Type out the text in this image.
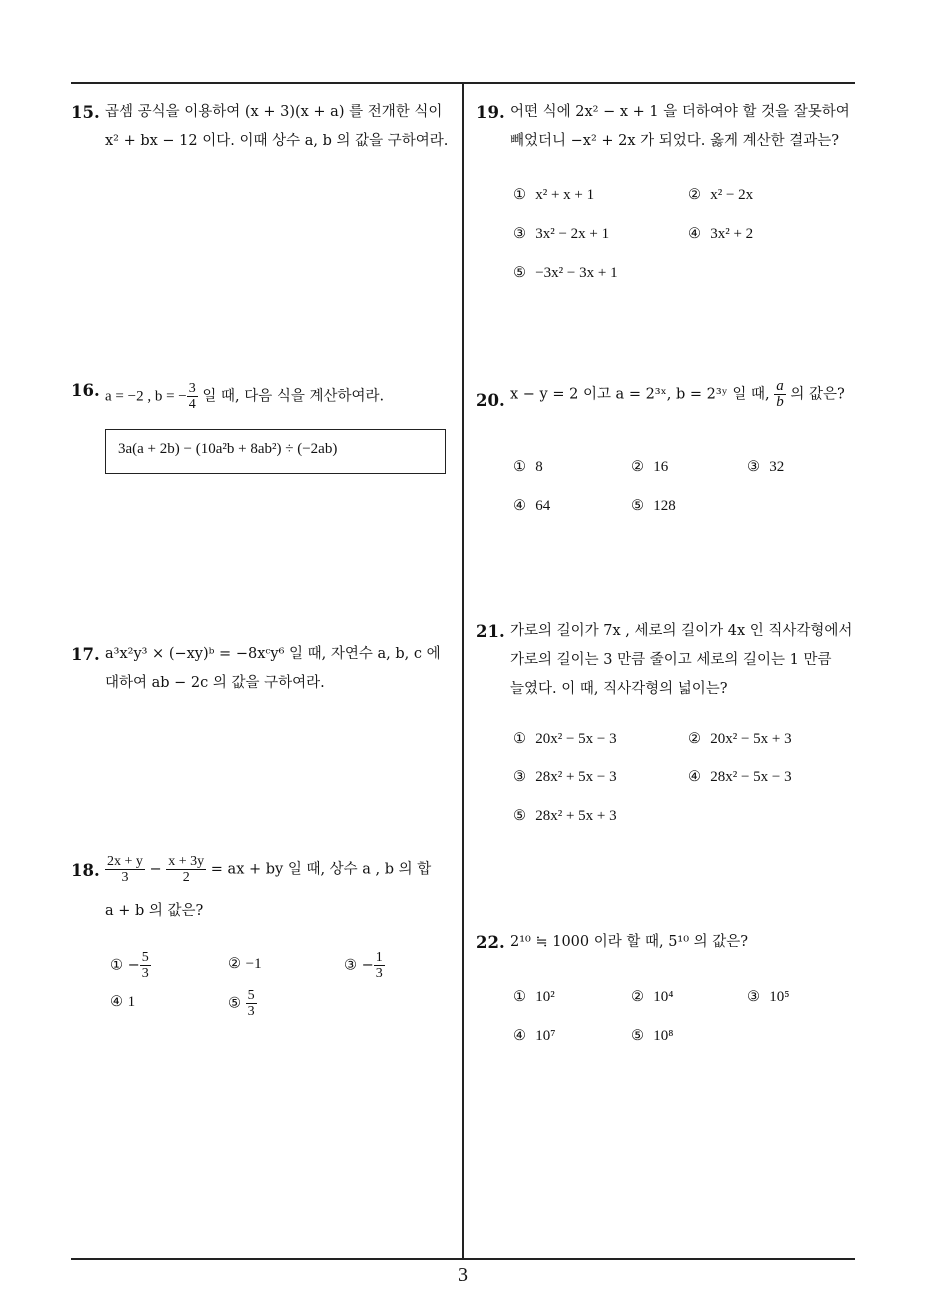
15. 곱셈 공식을 이용하여 (x + 3)(x + a) 를 전개한 식이
x² + bx − 12 이다. 이때 상수 a, b 의 값을 구하여라.
16. a = −2 , b = − $\frac{3}{4}$ 일 때, 다음 식을 계산하여라.
3a(a + 2b) − (10a²b + 8ab²) ÷ (−2ab)
17. a³x²y³ × (−xy)ᵇ = −8xᶜy⁶ 일 때, 자연수 a, b, c 에
대하여 ab − 2c 의 값을 구하여라.
18. $\frac{2x + y}{3} - \frac{x + 3y}{2}$ = ax + by 일 때, 상수 a , b 의 합
a + b 의 값은?
① − $\frac{5}{3}$	② −1	③ − $\frac{1}{3}$
④ 1	⑤ $\frac{5}{3}$
19. 어떤 식에 2x² − x + 1 을 더하여야 할 것을 잘못하여
빼었더니 −x² + 2x 가 되었다. 옳게 계산한 결과는?
① x² + x + 1	② x² − 2x
③ 3x² − 2x + 1	④ 3x² + 2
⑤ −3x² − 3x + 1
20. x − y = 2 이고 a = 2³ˣ, b = 2³ʸ 일 때, $\frac{a}{b}$ 의 값은?
① 8	② 16	③ 32
④ 64	⑤ 128
21. 가로의 길이가 7x , 세로의 길이가 4x 인 직사각형에서
가로의 길이는 3 만큼 줄이고 세로의 길이는 1 만큼
늘였다. 이 때, 직사각형의 넓이는?
① 20x² − 5x − 3	② 20x² − 5x + 3
③ 28x² + 5x − 3	④ 28x² − 5x − 3
⑤ 28x² + 5x + 3
22. 2¹⁰ ≒ 1000 이라 할 때, 5¹⁰ 의 값은?
① 10²	② 10⁴	③ 10⁵
④ 10⁷	⑤ 10⁸
3
